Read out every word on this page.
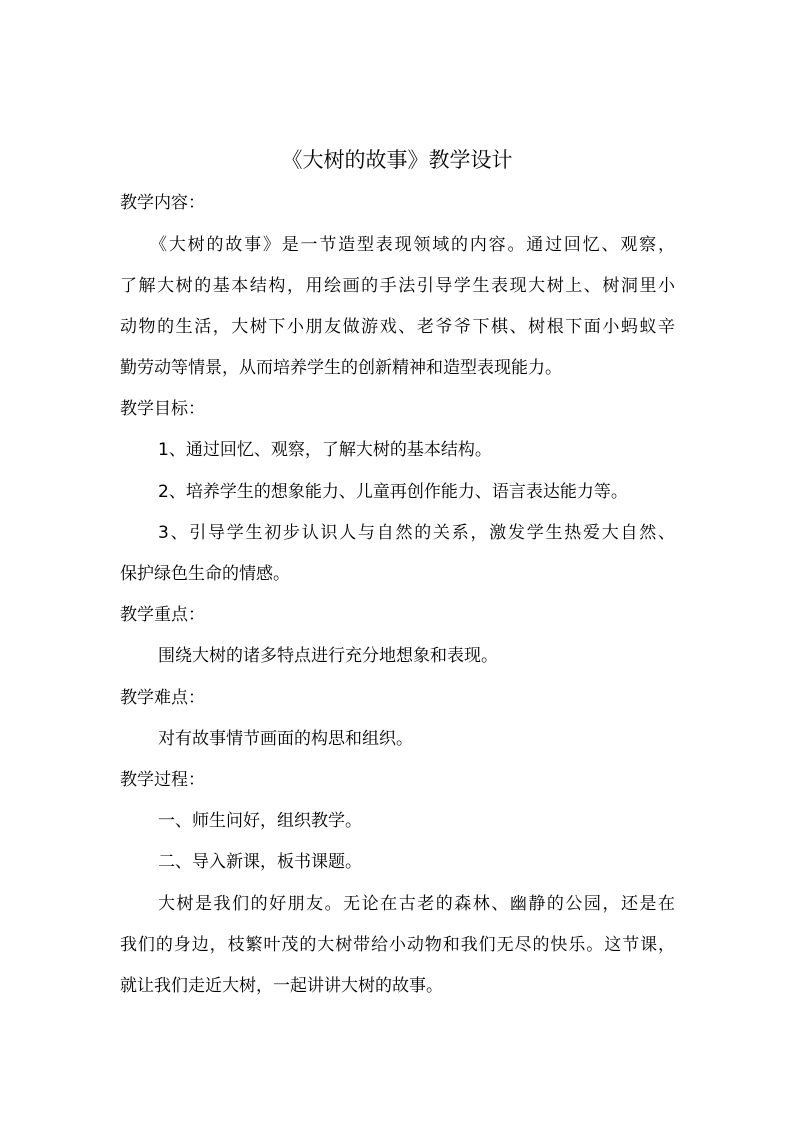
《大树的故事》教学设计
教学内容：
《大树的故事》是一节造型表现领域的内容。通过回忆、观察，
了解大树的基本结构，用绘画的手法引导学生表现大树上、树洞里小
动物的生活，大树下小朋友做游戏、老爷爷下棋、树根下面小蚂蚁辛
勤劳动等情景，从而培养学生的创新精神和造型表现能力。
教学目标：
1、通过回忆、观察，了解大树的基本结构。
2、培养学生的想象能力、儿童再创作能力、语言表达能力等。
3、引导学生初步认识人与自然的关系，激发学生热爱大自然、
保护绿色生命的情感。
教学重点：
围绕大树的诸多特点进行充分地想象和表现。
教学难点：
对有故事情节画面的构思和组织。
教学过程：
一、师生问好，组织教学。
二、导入新课，板书课题。
大树是我们的好朋友。无论在古老的森林、幽静的公园，还是在
我们的身边，枝繁叶茂的大树带给小动物和我们无尽的快乐。这节课，
就让我们走近大树，一起讲讲大树的故事。
